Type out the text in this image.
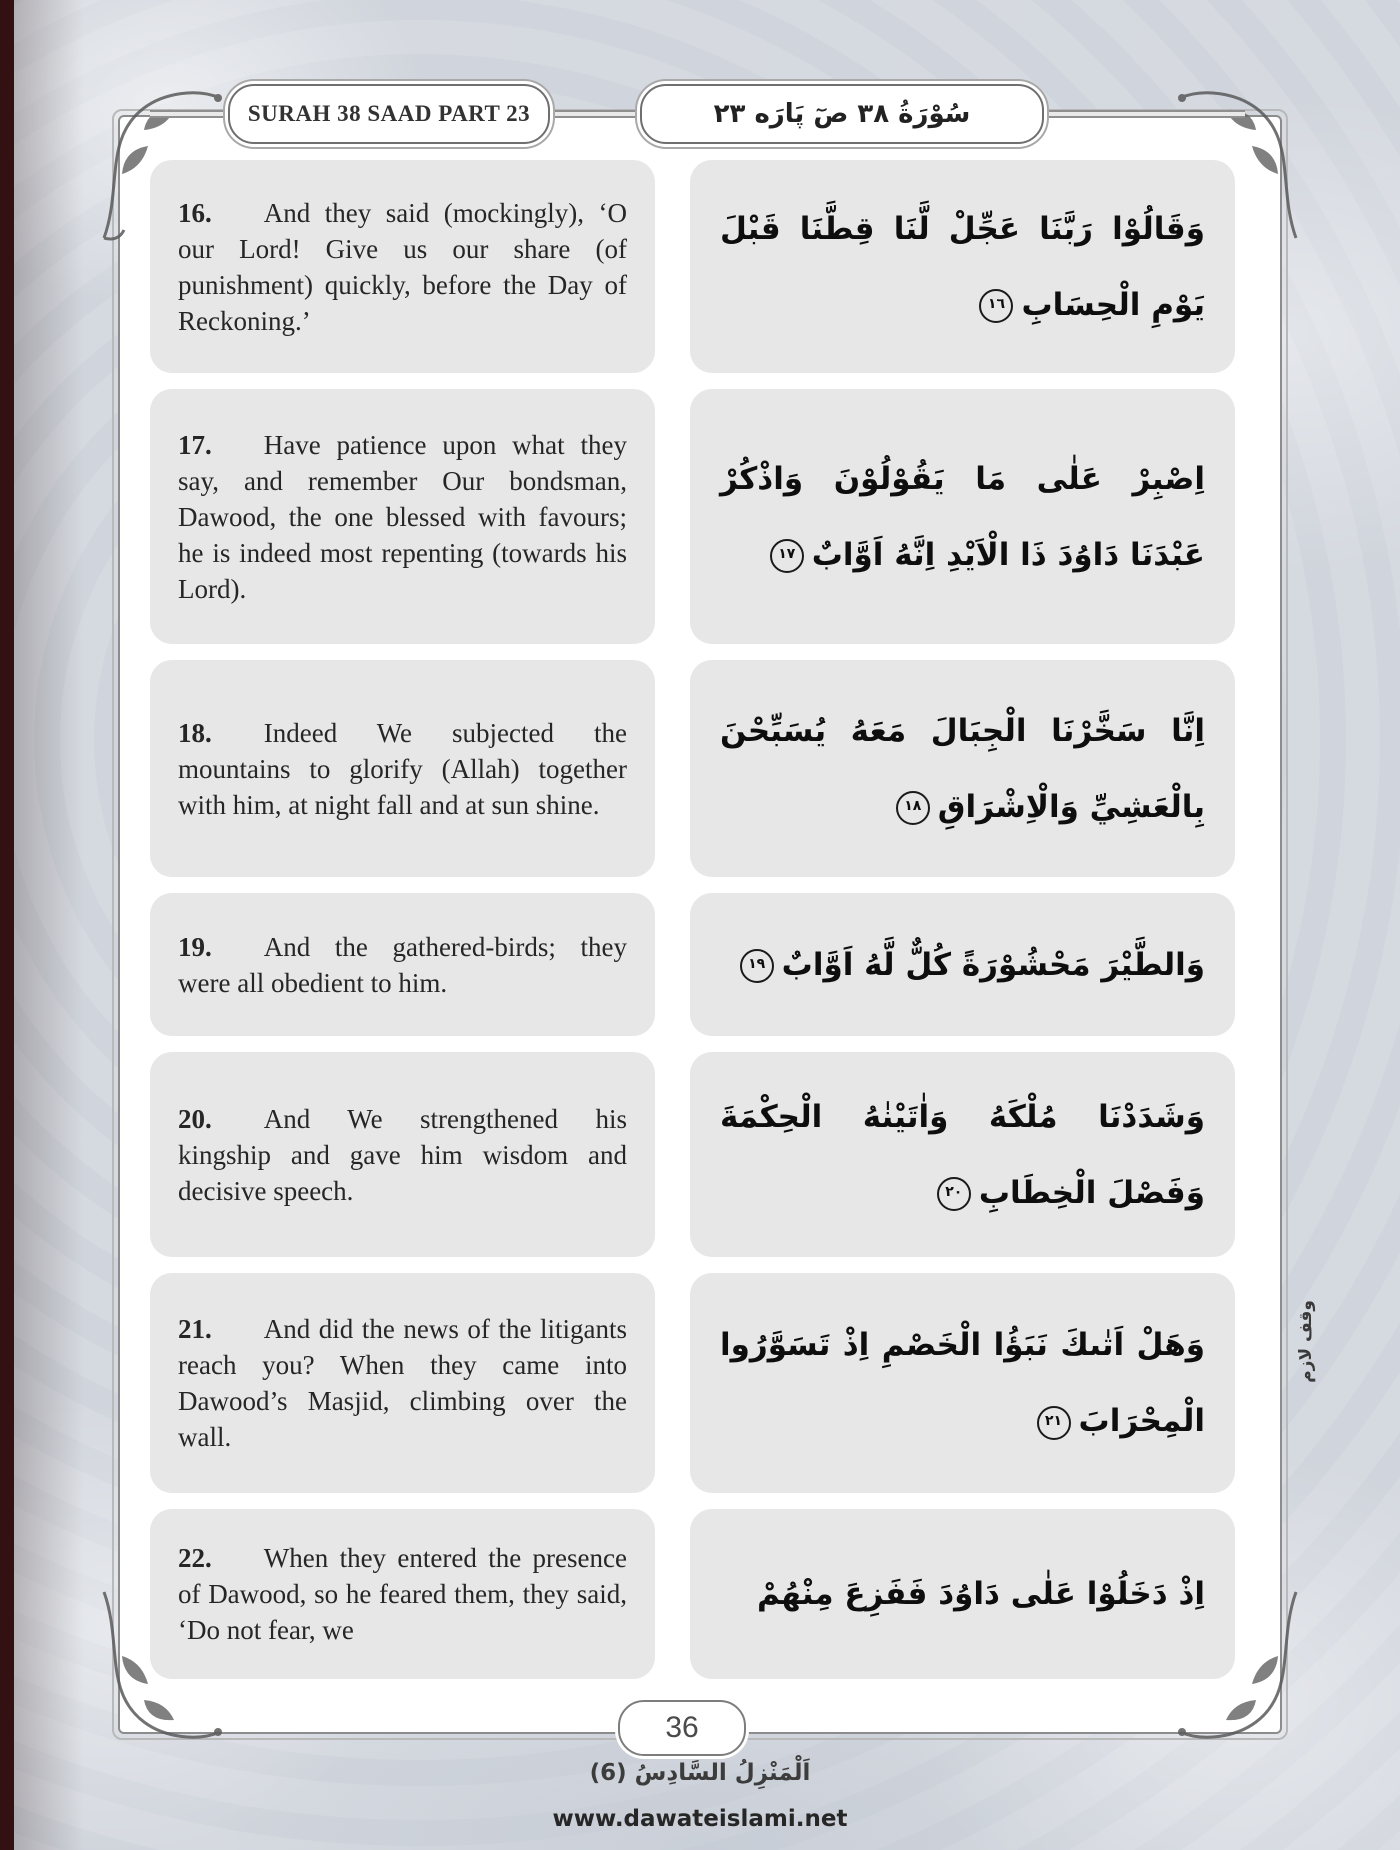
SURAH 38 SAAD PART 23	سُوْرَةُ ٣٨ صٓ پَارَه ٢٣
16. And they said (mockingly), ‘O our Lord! Give us our share (of punishment) quickly, before the Day of Reckoning.’
وَقَالُوْا رَبَّنَا عَجِّلْ لَّنَا قِطَّنَا قَبْلَ يَوْمِ الْحِسَابِ١٦
17. Have patience upon what they say, and remember Our bondsman, Dawood, the one blessed with favours; he is indeed most repenting (towards his Lord).
اِصْبِرْ عَلٰى مَا يَقُوْلُوْنَ وَاذْكُرْ عَبْدَنَا دَاوُدَ ذَا الْاَيْدِ اِنَّهُ اَوَّابٌ١٧
18. Indeed We subjected the mountains to glorify (Allah) together with him, at night fall and at sun shine.
اِنَّا سَخَّرْنَا الْجِبَالَ مَعَهُ يُسَبِّحْنَ بِالْعَشِيِّ وَالْاِشْرَاقِ١٨
19. And the gathered-birds; they were all obedient to him.	وَالطَّيْرَ مَحْشُوْرَةً كُلٌّ لَّهُ اَوَّابٌ١٩
20. And We strengthened his kingship and gave him wisdom and decisive speech.
وَشَدَدْنَا مُلْكَهُ وَاٰتَيْنٰهُ الْحِكْمَةَ وَفَصْلَ الْخِطَابِ٢٠
21. And did the news of the litigants reach you? When they came into Dawood’s Masjid, climbing over the wall.
وَهَلْ اَتٰىكَ نَبَؤُا الْخَصْمِ اِذْ تَسَوَّرُوا الْمِحْرَابَ٢١
22. When they entered the presence of Dawood, so he feared them, they said, ‘Do not fear, we
اِذْ دَخَلُوْا عَلٰى دَاوُدَ فَفَزِعَ مِنْهُمْ
وقف لازم
36
اَلْمَنْزِلُ السَّادِسُ (6)
www.dawateislami.net
